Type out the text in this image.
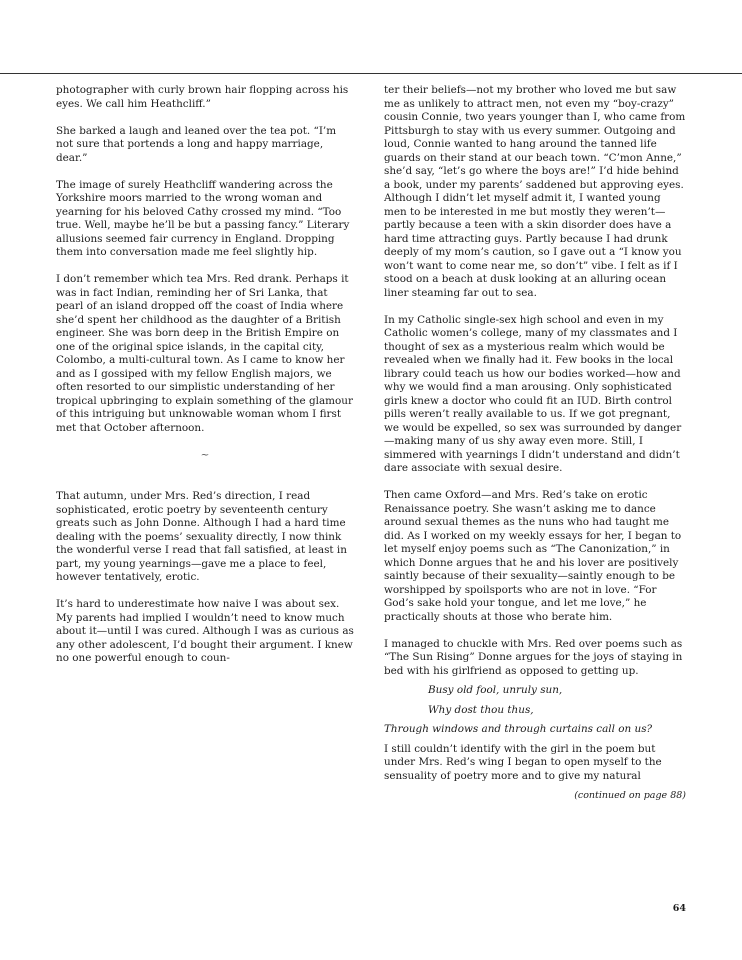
photographer with curly brown hair flopping across his eyes. We call him Heathcliff.”

She barked a laugh and leaned over the tea pot. “I’m not sure that portends a long and happy marriage, dear.”

The image of surely Heathcliff wandering across the Yorkshire moors married to the wrong woman and yearning for his beloved Cathy crossed my mind. “Too true. Well, maybe he’ll be but a passing fancy.” Literary allusions seemed fair currency in England. Dropping them into conversation made me feel slightly hip.

I don’t remember which tea Mrs. Red drank. Perhaps it was in fact Indian, reminding her of Sri Lanka, that pearl of an island dropped off the coast of India where she’d spent her childhood as the daughter of a British engineer. She was born deep in the British Empire on one of the original spice islands, in the capital city, Colombo, a multi-cultural town. As I came to know her and as I gossiped with my fellow English majors, we often resorted to our simplistic understanding of her tropical upbringing to explain something of the glamour of this intriguing but unknowable woman whom I first met that October afternoon.

~

That autumn, under Mrs. Red’s direction, I read sophisticated, erotic poetry by seventeenth century greats such as John Donne. Although I had a hard time dealing with the poems’ sexuality directly, I now think the wonderful verse I read that fall satisfied, at least in part, my young yearnings—gave me a place to feel, however tentatively, erotic.

It’s hard to underestimate how naive I was about sex. My parents had implied I wouldn’t need to know much about it—until I was cured. Although I was as curious as any other adolescent, I’d bought their argument. I knew no one powerful enough to coun-

ter their beliefs—not my brother who loved me but saw me as unlikely to attract men, not even my “boy-crazy” cousin Connie, two years younger than I, who came from Pittsburgh to stay with us every summer. Outgoing and loud, Connie wanted to hang around the tanned life guards on their stand at our beach town. “C’mon Anne,” she’d say, “let’s go where the boys are!” I’d hide behind a book, under my parents’ saddened but approving eyes. Although I didn’t let myself admit it, I wanted young men to be interested in me but mostly they weren’t—partly because a teen with a skin disorder does have a hard time attracting guys. Partly because I had drunk deeply of my mom’s caution, so I gave out a “I know you won’t want to come near me, so don’t” vibe. I felt as if I stood on a beach at dusk looking at an alluring ocean liner steaming far out to sea.

In my Catholic single-sex high school and even in my Catholic women’s college, many of my classmates and I thought of sex as a mysterious realm which would be revealed when we finally had it. Few books in the local library could teach us how our bodies worked—how and why we would find a man arousing. Only sophisticated girls knew a doctor who could fit an IUD. Birth control pills weren’t really available to us. If we got pregnant, we would be expelled, so sex was surrounded by danger—making many of us shy away even more. Still, I simmered with yearnings I didn’t understand and didn’t dare associate with sexual desire.

Then came Oxford—and Mrs. Red’s take on erotic Renaissance poetry. She wasn’t asking me to dance around sexual themes as the nuns who had taught me did. As I worked on my weekly essays for her, I began to let myself enjoy poems such as “The Canonization,” in which Donne argues that he and his lover are positively saintly because of their sexuality—saintly enough to be worshipped by spoilsports who are not in love. “For God’s sake hold your tongue, and let me love,” he practically shouts at those who berate him.

I managed to chuckle with Mrs. Red over poems such as “The Sun Rising” Donne argues for the joys of staying in bed with his girlfriend as opposed to getting up.

Busy old fool, unruly sun,
Why dost thou thus,
Through windows and through curtains call on us?

I still couldn’t identify with the girl in the poem but under Mrs. Red’s wing I began to open myself to the sensuality of poetry more and to give my natural

(continued on page 88)

64
